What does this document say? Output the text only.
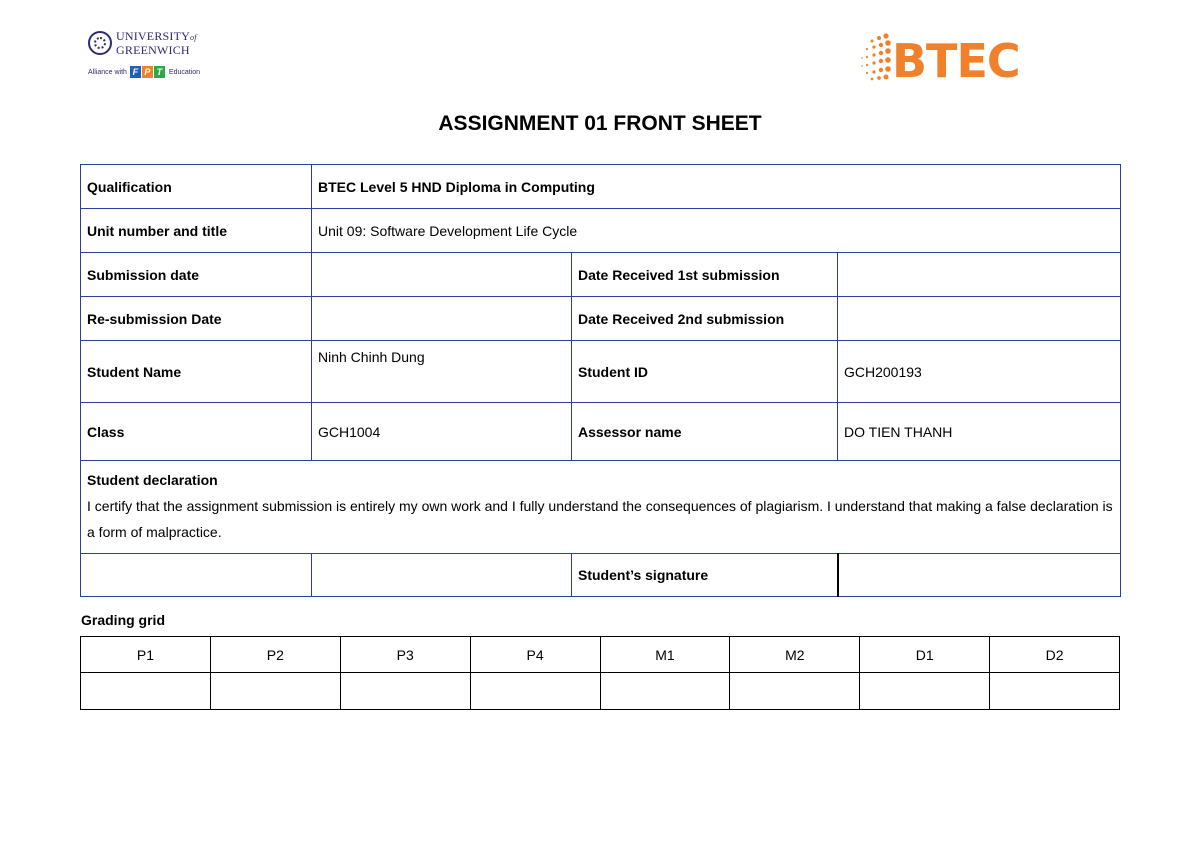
UNIVERSITYof
GREENWICH
Alliance with F P T Education	BTEC
ASSIGNMENT 01 FRONT SHEET
Qualification	BTEC Level 5 HND Diploma in Computing		
Unit number and title	Unit 09: Software Development Life Cycle		
Submission date		Date Received 1st submission	
Re-submission Date		Date Received 2nd submission	
Student Name	Ninh Chinh Dung	Student ID	GCH200193
Class	GCH1004	Assessor name	DO TIEN THANH

Student declaration
I certify that the assignment submission is entirely my own work and I fully understand the consequences of plagiarism. I understand that making a false declaration is a form of malpractice.			

		Student’s signature	
Grading grid
P1	P2	P3	P4	M1	M2	D1	D2
